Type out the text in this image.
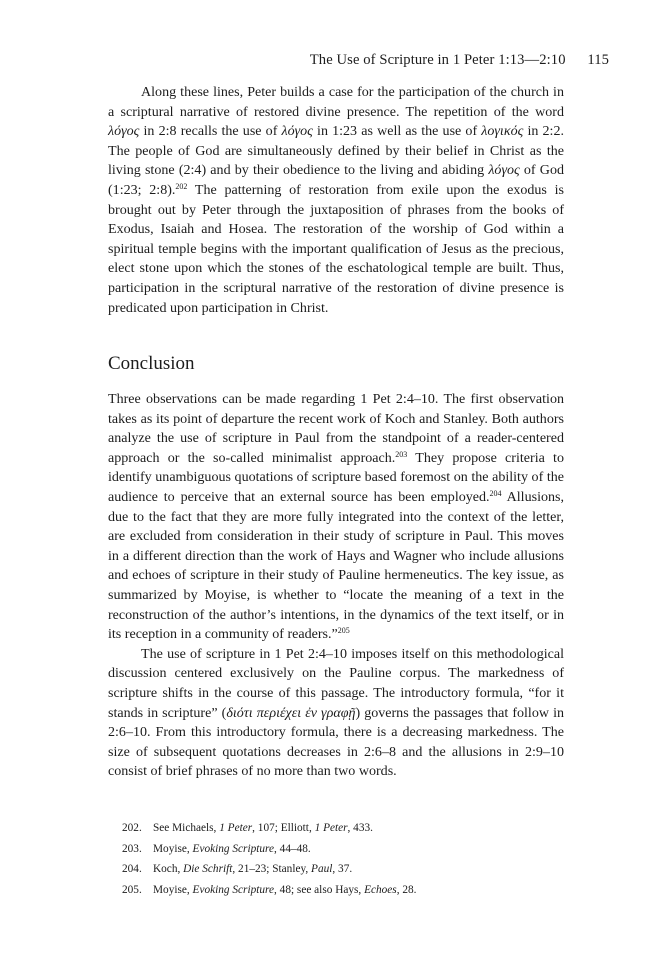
The Use of Scripture in 1 Peter 1:13—2:10 115

Along these lines, Peter builds a case for the participation of the church in a scriptural narrative of restored divine presence. The repetition of the word λόγος in 2:8 recalls the use of λόγος in 1:23 as well as the use of λογικός in 2:2. The people of God are simultaneously defined by their belief in Christ as the living stone (2:4) and by their obedience to the living and abiding λόγος of God (1:23; 2:8).$^{202}$ The patterning of restoration from exile upon the exodus is brought out by Peter through the juxtaposition of phrases from the books of Exodus, Isaiah and Hosea. The restoration of the worship of God within a spiritual temple begins with the important qualification of Jesus as the precious, elect stone upon which the stones of the eschatological temple are built. Thus, participation in the scriptural narrative of the restoration of divine presence is predicated upon participation in Christ.

Conclusion

Three observations can be made regarding 1 Pet 2:4–10. The first observation takes as its point of departure the recent work of Koch and Stanley. Both authors analyze the use of scripture in Paul from the standpoint of a reader-centered approach or the so-called minimalist approach.$^{203}$ They propose criteria to identify unambiguous quotations of scripture based foremost on the ability of the audience to perceive that an external source has been employed.$^{204}$ Allusions, due to the fact that they are more fully integrated into the context of the letter, are excluded from consideration in their study of scripture in Paul. This moves in a different direction than the work of Hays and Wagner who include allusions and echoes of scripture in their study of Pauline hermeneutics. The key issue, as summarized by Moyise, is whether to “locate the meaning of a text in the reconstruction of the author’s intentions, in the dynamics of the text itself, or in its reception in a community of readers.”$^{205}$

The use of scripture in 1 Pet 2:4–10 imposes itself on this methodological discussion centered exclusively on the Pauline corpus. The markedness of scripture shifts in the course of this passage. The introductory formula, “for it stands in scripture” (διότι περιέχει ἐν γραφῇ) governs the passages that follow in 2:6–10. From this introductory formula, there is a decreasing markedness. The size of subsequent quotations decreases in 2:6–8 and the allusions in 2:9–10 consist of brief phrases of no more than two words.

202. See Michaels, 1 Peter, 107; Elliott, 1 Peter, 433.
203. Moyise, Evoking Scripture, 44–48.
204. Koch, Die Schrift, 21–23; Stanley, Paul, 37.
205. Moyise, Evoking Scripture, 48; see also Hays, Echoes, 28.
